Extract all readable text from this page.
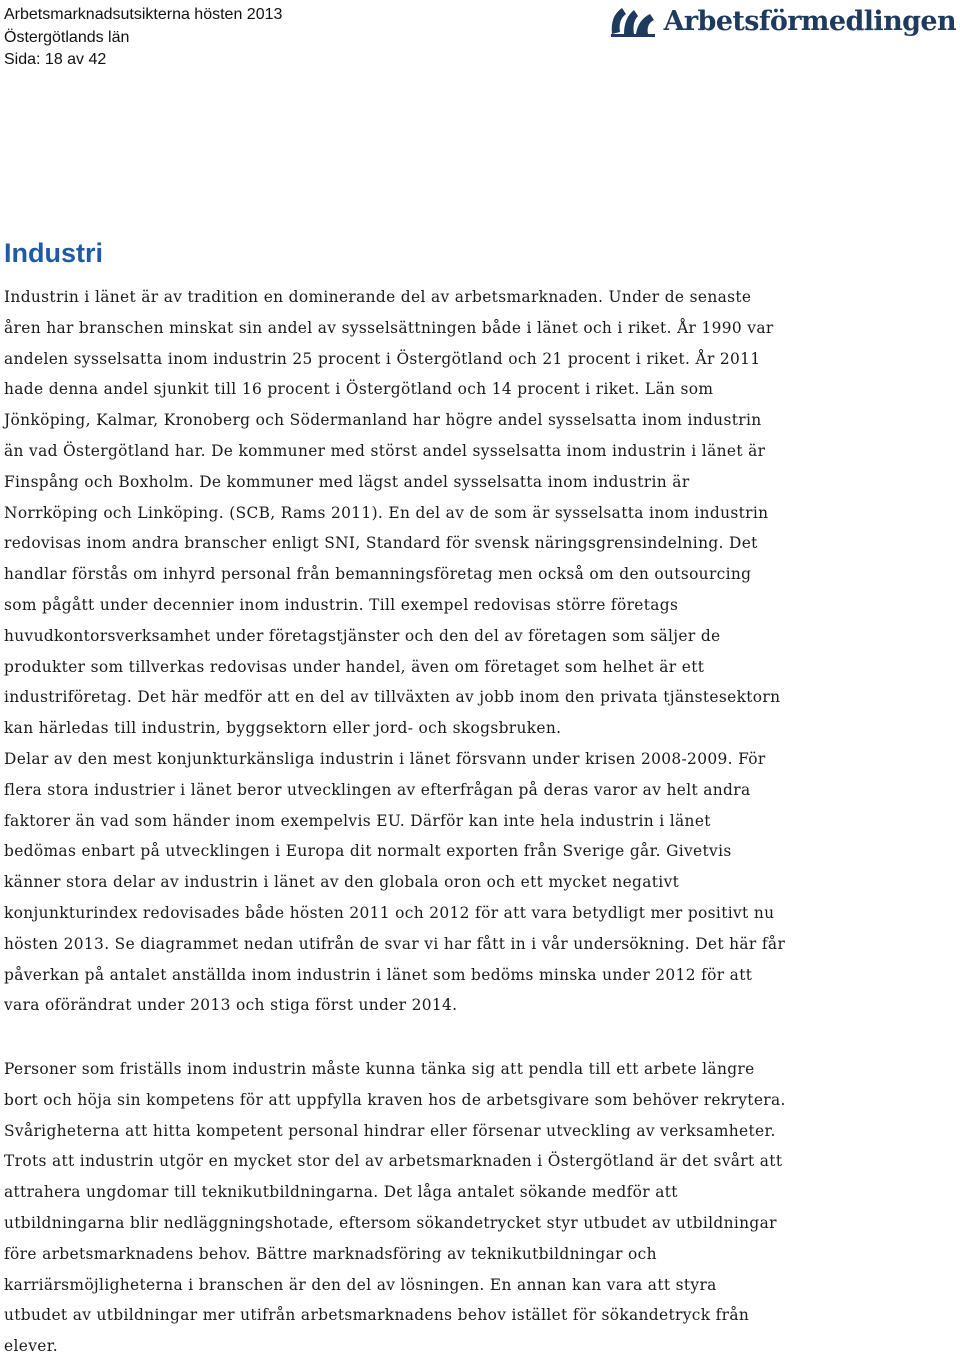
Arbetsmarknadsutsikterna hösten 2013
Östergötlands län
Sida: 18 av 42
Arbetsförmedlingen
Industri
Industrin i länet är av tradition en dominerande del av arbetsmarknaden. Under de senaste
åren har branschen minskat sin andel av sysselsättningen både i länet och i riket. År 1990 var
andelen sysselsatta inom industrin 25 procent i Östergötland och 21 procent i riket. År 2011
hade denna andel sjunkit till 16 procent i Östergötland och 14 procent i riket. Län som
Jönköping, Kalmar, Kronoberg och Södermanland har högre andel sysselsatta inom industrin
än vad Östergötland har. De kommuner med störst andel sysselsatta inom industrin i länet är
Finspång och Boxholm. De kommuner med lägst andel sysselsatta inom industrin är
Norrköping och Linköping. (SCB, Rams 2011). En del av de som är sysselsatta inom industrin
redovisas inom andra branscher enligt SNI, Standard för svensk näringsgrensindelning. Det
handlar förstås om inhyrd personal från bemanningsföretag men också om den outsourcing
som pågått under decennier inom industrin. Till exempel redovisas större företags
huvudkontorsverksamhet under företagstjänster och den del av företagen som säljer de
produkter som tillverkas redovisas under handel, även om företaget som helhet är ett
industriföretag. Det här medför att en del av tillväxten av jobb inom den privata tjänstesektorn
kan härledas till industrin, byggsektorn eller jord- och skogsbruken.
Delar av den mest konjunkturkänsliga industrin i länet försvann under krisen 2008-2009. För
flera stora industrier i länet beror utvecklingen av efterfrågan på deras varor av helt andra
faktorer än vad som händer inom exempelvis EU. Därför kan inte hela industrin i länet
bedömas enbart på utvecklingen i Europa dit normalt exporten från Sverige går. Givetvis
känner stora delar av industrin i länet av den globala oron och ett mycket negativt
konjunkturindex redovisades både hösten 2011 och 2012 för att vara betydligt mer positivt nu
hösten 2013. Se diagrammet nedan utifrån de svar vi har fått in i vår undersökning. Det här får
påverkan på antalet anställda inom industrin i länet som bedöms minska under 2012 för att
vara oförändrat under 2013 och stiga först under 2014.
Personer som friställs inom industrin måste kunna tänka sig att pendla till ett arbete längre
bort och höja sin kompetens för att uppfylla kraven hos de arbetsgivare som behöver rekrytera.
Svårigheterna att hitta kompetent personal hindrar eller försenar utveckling av verksamheter.
Trots att industrin utgör en mycket stor del av arbetsmarknaden i Östergötland är det svårt att
attrahera ungdomar till teknikutbildningarna. Det låga antalet sökande medför att
utbildningarna blir nedläggningshotade, eftersom sökandetrycket styr utbudet av utbildningar
före arbetsmarknadens behov. Bättre marknadsföring av teknikutbildningar och
karriärsmöjligheterna i branschen är den del av lösningen. En annan kan vara att styra
utbudet av utbildningar mer utifrån arbetsmarknadens behov istället för sökandetryck från
elever.
